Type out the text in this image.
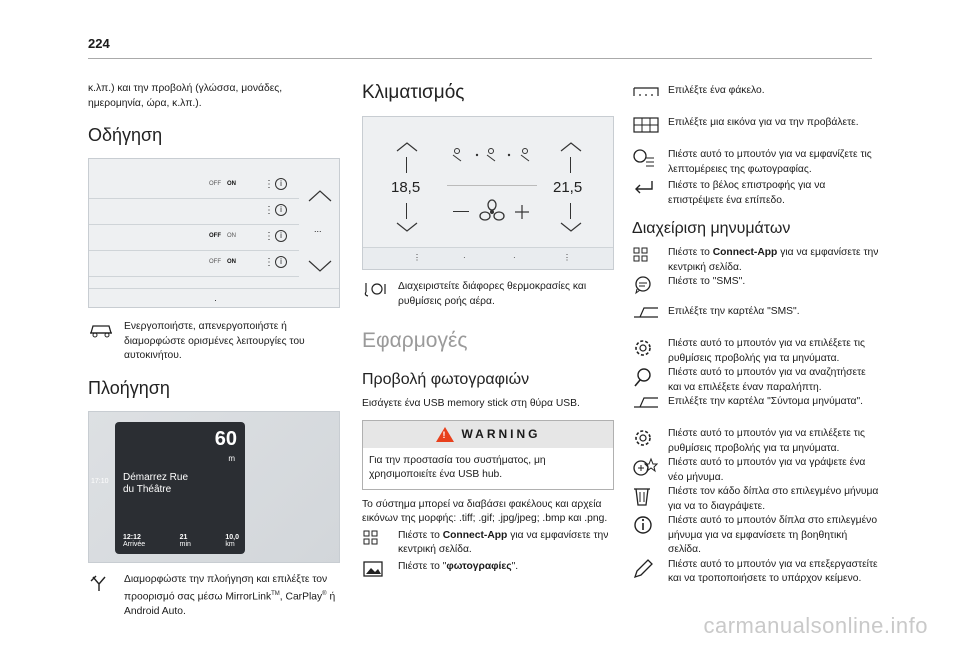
224

κ.λπ.) και την προβολή (γλώσσα, μονάδες, ημερομηνία, ώρα, κ.λπ.).

Οδήγηση
OFF ON	⋮ i
⋮ i
OFF ON	⋮ i
OFF ON	⋮ i
...
·

Ενεργοποιήστε, απενεργοποιήστε ή διαμορφώστε ορισμένες λειτουργίες του αυτοκινήτου.

Πλοήγηση
17:10
60
m
Démarrez Rue
du Théâtre
12:12
Arrivée
21
min
10,0
km

Διαμορφώστε την πλοήγηση και επιλέξτε τον προορισμό σας μέσω MirrorLink™, CarPlay® ή Android Auto.

Κλιματισμός
18,5	21,5
⋮	·	·	⋮

Διαχειριστείτε διάφορες θερμοκρασίες και ρυθμίσεις ροής αέρα.

Εφαρμογές
Προβολή φωτογραφιών

Εισάγετε ένα USB memory stick στη θύρα USB.

!WARNING

Για την προστασία του συστήματος, μη χρησιμοποιείτε ένα USB hub.

Το σύστημα μπορεί να διαβάσει φακέλους και αρχεία εικόνων της μορφής: .tiff; .gif; .jpg/jpeg; .bmp και .png.

Πιέστε το Connect-App για να εμφανίσετε την κεντρική σελίδα.

Πιέστε το "φωτογραφίες".

Επιλέξτε ένα φάκελο.

Επιλέξτε μια εικόνα για να την προβάλετε.

Πιέστε αυτό το μπουτόν για να εμφανίζετε τις λεπτομέρειες της φωτογραφίας.

Πιέστε το βέλος επιστροφής για να επιστρέψετε ένα επίπεδο.

Διαχείριση μηνυμάτων

Πιέστε το Connect-App για να εμφανίσετε την κεντρική σελίδα.

Πιέστε το "SMS".

Επιλέξτε την καρτέλα "SMS".

Πιέστε αυτό το μπουτόν για να επιλέξετε τις ρυθμίσεις προβολής για τα μηνύματα.

Πιέστε αυτό το μπουτόν για να αναζητήσετε και να επιλέξετε έναν παραλήπτη.

Επιλέξτε την καρτέλα "Σύντομα μηνύματα".

Πιέστε αυτό το μπουτόν για να επιλέξετε τις ρυθμίσεις προβολής για τα μηνύματα.

Πιέστε αυτό το μπουτόν για να γράψετε ένα νέο μήνυμα.

Πιέστε τον κάδο δίπλα στο επιλεγμένο μήνυμα για να το διαγράψετε.

Πιέστε αυτό το μπουτόν δίπλα στο επιλεγμένο μήνυμα για να εμφανίσετε τη βοηθητική σελίδα.

Πιέστε αυτό το μπουτόν για να επεξεργαστείτε και να τροποποιήσετε το υπάρχον κείμενο.

carmanualsonline.info
